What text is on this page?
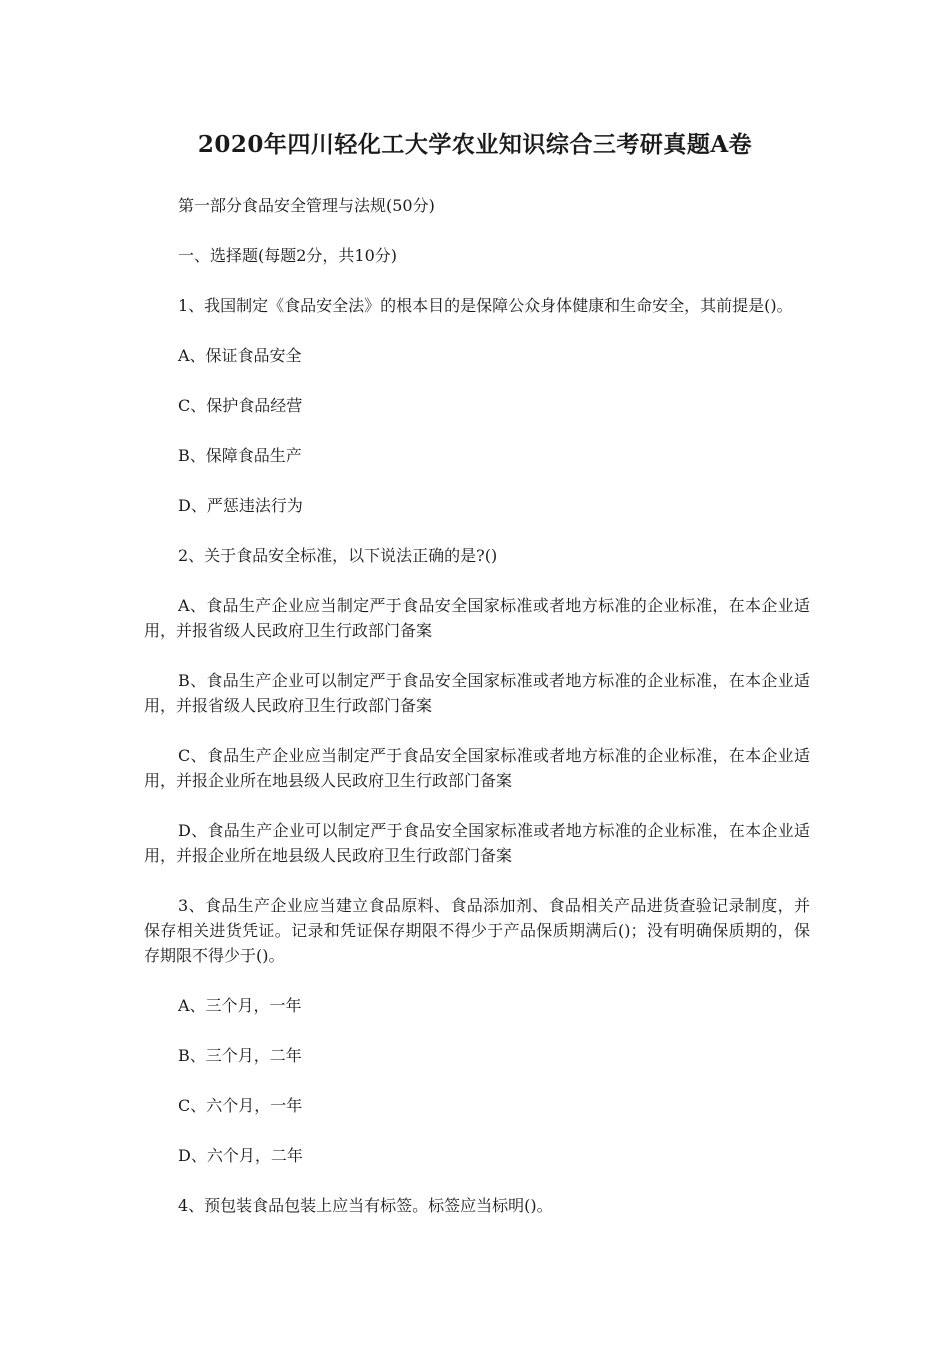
2020年四川轻化工大学农业知识综合三考研真题A卷
第一部分食品安全管理与法规(50分)
一、选择题(每题2分，共10分)
1、我国制定《食品安全法》的根本目的是保障公众身体健康和生命安全，其前提是()。
A、保证食品安全
C、保护食品经营
B、保障食品生产
D、严惩违法行为
2、关于食品安全标准，以下说法正确的是?()
A、食品生产企业应当制定严于食品安全国家标准或者地方标准的企业标准，在本企业适用，并报省级人民政府卫生行政部门备案
B、食品生产企业可以制定严于食品安全国家标准或者地方标准的企业标准，在本企业适用，并报省级人民政府卫生行政部门备案
C、食品生产企业应当制定严于食品安全国家标准或者地方标准的企业标准，在本企业适用，并报企业所在地县级人民政府卫生行政部门备案
D、食品生产企业可以制定严于食品安全国家标准或者地方标准的企业标准，在本企业适用，并报企业所在地县级人民政府卫生行政部门备案
3、食品生产企业应当建立食品原料、食品添加剂、食品相关产品进货查验记录制度，并保存相关进货凭证。记录和凭证保存期限不得少于产品保质期满后()；没有明确保质期的，保存期限不得少于()。
A、三个月，一年
B、三个月，二年
C、六个月，一年
D、六个月，二年
4、预包装食品包装上应当有标签。标签应当标明()。
